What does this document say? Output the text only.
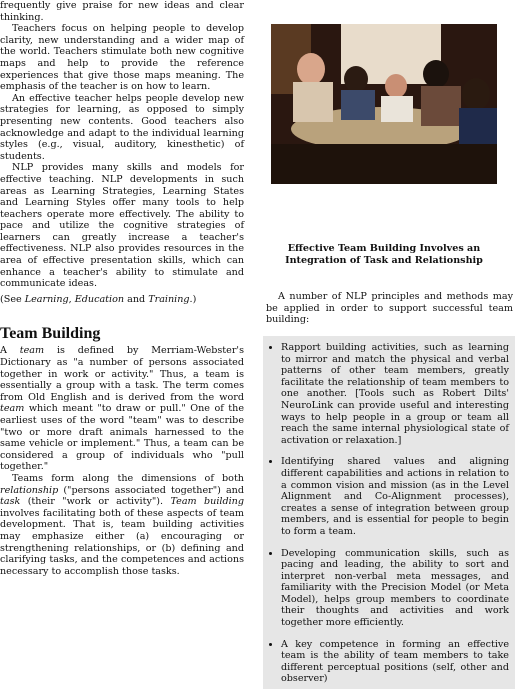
frequently give praise for new ideas and clear thinking.

Teachers focus on helping people to develop clarity, new understanding and a wider map of the world. Teachers stimulate both new cognitive maps and help to provide the reference experiences that give those maps meaning. The emphasis of the teacher is on how to learn.

An effective teacher helps people develop new strategies for learning, as opposed to simply presenting new contents. Good teachers also acknowledge and adapt to the individual learning styles (e.g., visual, auditory, kinesthetic) of students.

NLP provides many skills and models for effective teaching. NLP developments in such areas as Learning Strategies, Learning States and Learning Styles offer many tools to help teachers operate more effectively. The ability to pace and utilize the cognitive strategies of learners can greatly increase a teacher's effectiveness. NLP also provides resources in the area of effective presentation skills, which can enhance a teacher's ability to stimulate and communicate ideas.

(See Learning, Education and Training.)

Team Building

A team is defined by Merriam-Webster's Dictionary as "a number of persons associated together in work or activity." Thus, a team is essentially a group with a task. The term comes from Old English and is derived from the word team which meant "to draw or pull." One of the earliest uses of the word "team" was to describe "two or more draft animals harnessed to the same vehicle or implement." Thus, a team can be considered a group of individuals who "pull together."

Teams form along the dimensions of both relationship ("persons associated together") and task (their "work or activity"). Team building involves facilitating both of these aspects of team development. That is, team building activities may emphasize either (a) encouraging or strengthening relationships, or (b) defining and clarifying tasks, and the competences and actions necessary to accomplish those tasks.

Effective Team Building Involves an
Integration of Task and Relationship

A number of NLP principles and methods may be applied in order to support successful team building:

• Rapport building activities, such as learning to mirror and match the physical and verbal patterns of other team members, greatly facilitate the relationship of team members to one another. [Tools such as Robert Dilts' NeuroLink can provide useful and interesting ways to help people in a group or team all reach the same internal physiological state of activation or relaxation.]
• Identifying shared values and aligning different capabilities and actions in relation to a common vision and mission (as in the Level Alignment and Co-Alignment processes), creates a sense of integration between group members, and is essential for people to begin to form a team.
• Developing communication skills, such as pacing and leading, the ability to sort and interpret non-verbal meta messages, and familiarity with the Precision Model (or Meta Model), helps group members to coordinate their thoughts and activities and work together more efficiently.
• A key competence in forming an effective team is the ability of team members to take different perceptual positions (self, other and observer)
